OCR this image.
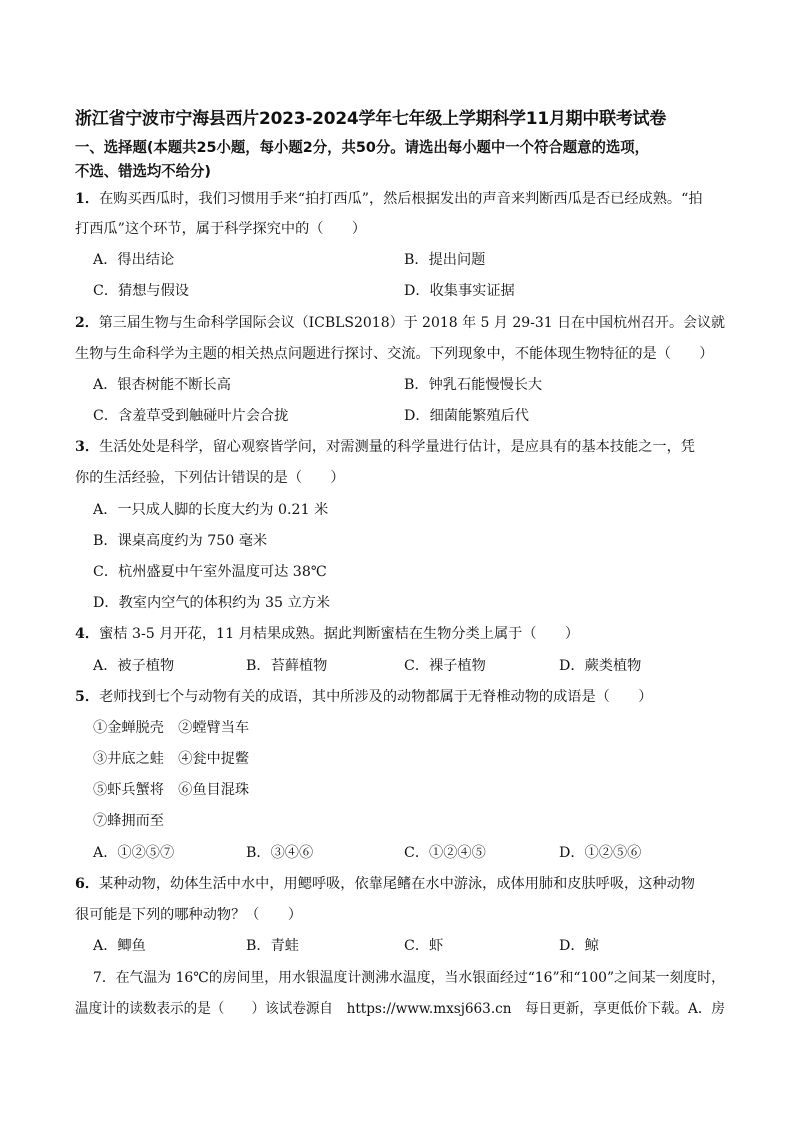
浙江省宁波市宁海县西片2023-2024学年七年级上学期科学11月期中联考试卷
一、选择题(本题共25小题，每小题2分，共50分。请选出每小题中一个符合题意的选项，
不选、错选均不给分)
1．在购买西瓜时，我们习惯用手来“拍打西瓜”，然后根据发出的声音来判断西瓜是否已经成熟。“拍
打西瓜”这个环节，属于科学探究中的（　　）
A．得出结论	B．提出问题
C．猜想与假设	D．收集事实证据
2．第三届生物与生命科学国际会议（ICBLS2018）于 2018 年 5 月 29-31 日在中国杭州召开。会议就
生物与生命科学为主题的相关热点问题进行探讨、交流。下列现象中，不能体现生物特征的是（　　）
A．银杏树能不断长高	B．钟乳石能慢慢长大
C．含羞草受到触碰叶片会合拢	D．细菌能繁殖后代
3．生活处处是科学，留心观察皆学问，对需测量的科学量进行估计，是应具有的基本技能之一，凭
你的生活经验，下列估计错误的是（　　）
A．一只成人脚的长度大约为 0.21 米
B．课桌高度约为 750 毫米
C．杭州盛夏中午室外温度可达 38℃
D．教室内空气的体积约为 35 立方米
4．蜜桔 3-5 月开花，11 月桔果成熟。据此判断蜜桔在生物分类上属于（　　）
A．被子植物	B．苔藓植物	C．裸子植物	D．蕨类植物
5．老师找到七个与动物有关的成语，其中所涉及的动物都属于无脊椎动物的成语是（　　）
①金蝉脱壳　②螳臂当车
③井底之蛙　④瓮中捉鳖
⑤虾兵蟹将　⑥鱼目混珠
⑦蜂拥而至
A．①②⑤⑦	B．③④⑥	C．①②④⑤	D．①②⑤⑥
6．某种动物，幼体生活中水中，用鳃呼吸，依靠尾鳍在水中游泳，成体用肺和皮肤呼吸，这种动物
很可能是下列的哪种动物？（　　）
A．鲫鱼	B．青蛙	C．虾	D．鲸
7．在气温为 16℃的房间里，用水银温度计测沸水温度，当水银面经过“16”和“100”之间某一刻度时，
温度计的读数表示的是（　　）该试卷源自　https://www.mxsj663.cn　每日更新，享更低价下载。A．房
